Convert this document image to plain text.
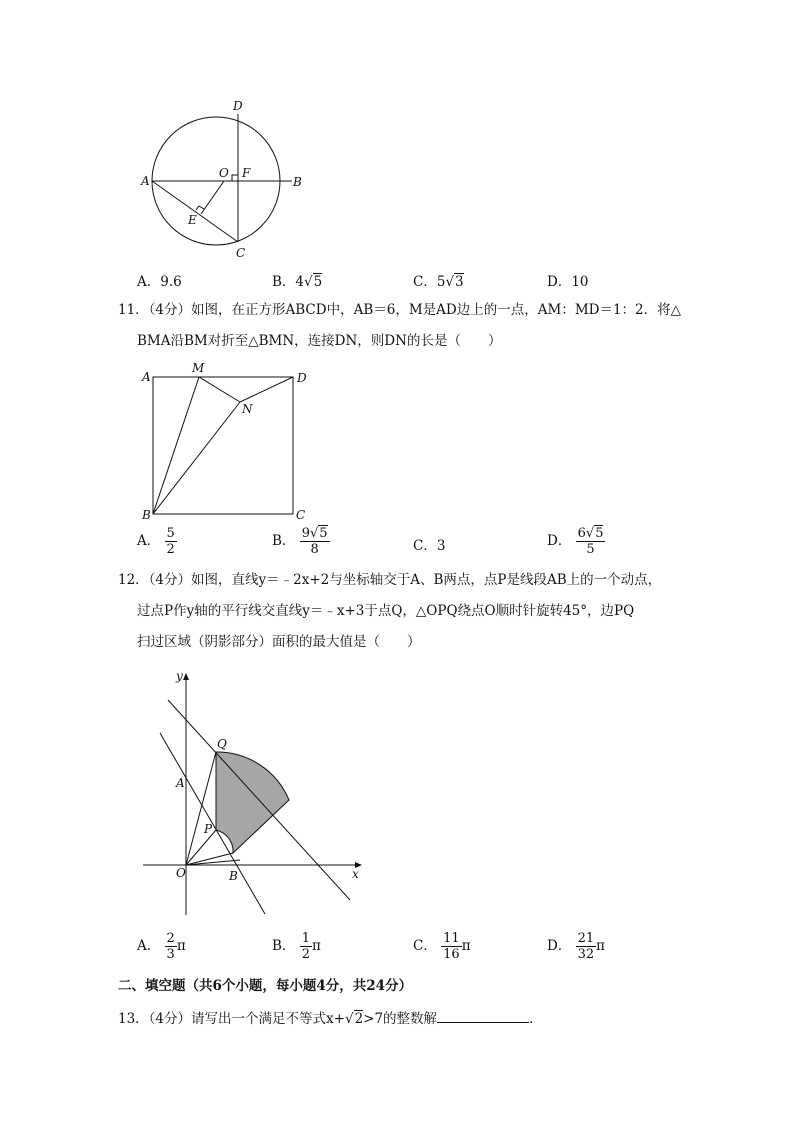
D
A
O F
B
E
C
A．9.6	B．4√5	C．5√3	D．10
11．（4分）如图，在正方形ABCD中，AB＝6，M是AD边上的一点，AM：MD＝1：2．将△
BMA沿BM对折至△BMN，连接DN，则DN的长是（　　）
A
M
D
N
B	C
A． $\frac{5}{2}$	B． $\frac{9√5}{8}$	C．3	D． $\frac{6√5}{5}$
12．（4分）如图，直线y＝﹣2x+2与坐标轴交于A、B两点，点P是线段AB上的一个动点，
过点P作y轴的平行线交直线y＝﹣x+3于点Q，△OPQ绕点O顺时针旋转45°，边PQ
扫过区域（阴影部分）面积的最大值是（　　）
y
Q
A
P
O	B	x
A． $\frac{2}{3}$ π	B． $\frac{1}{2}$ π	C． $\frac{11}{16}$ π	D． $\frac{21}{32}$ π
二、填空题（共6个小题，每小题4分，共24分）
13．（4分）请写出一个满足不等式x+√2>7的整数解	．
